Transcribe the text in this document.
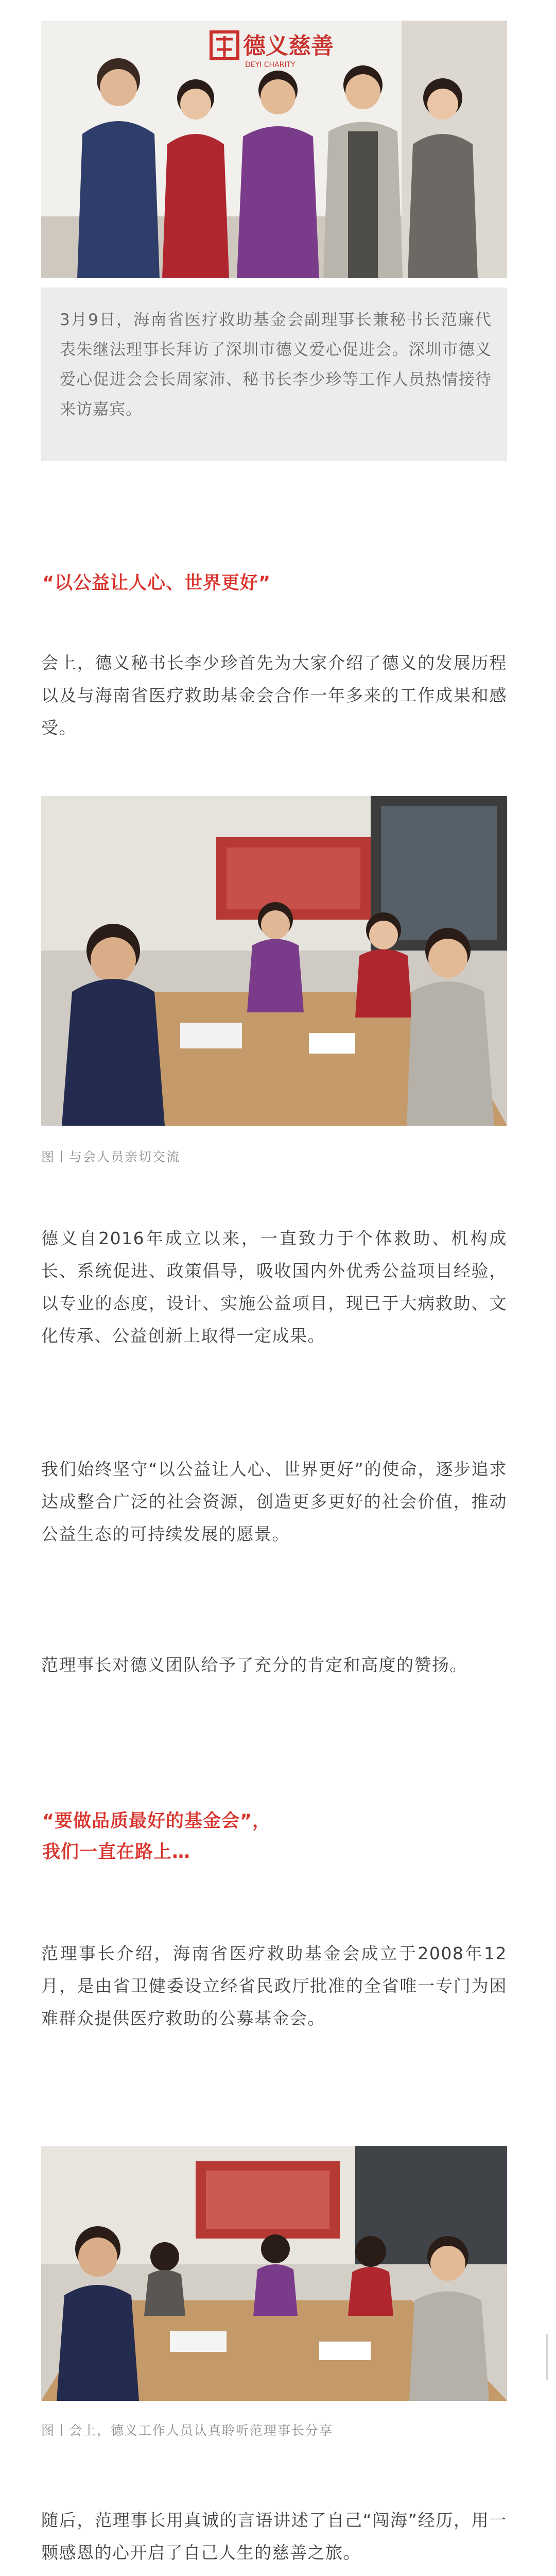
德义慈善
DEYI CHARITY
3月9日，海南省医疗救助基金会副理事长兼秘书长范廉代表朱继法理事长拜访了深圳市德义爱心促进会。深圳市德义爱心促进会会长周家沛、秘书长李少珍等工作人员热情接待来访嘉宾。
“以公益让人心、世界更好”
会上，德义秘书长李少珍首先为大家介绍了德义的发展历程以及与海南省医疗救助基金会合作一年多来的工作成果和感受。
图丨与会人员亲切交流
德义自2016年成立以来，一直致力于个体救助、机构成长、系统促进、政策倡导，吸收国内外优秀公益项目经验，以专业的态度，设计、实施公益项目，现已于大病救助、文化传承、公益创新上取得一定成果。
我们始终坚守“以公益让人心、世界更好”的使命，逐步追求达成整合广泛的社会资源，创造更多更好的社会价值，推动公益生态的可持续发展的愿景。
范理事长对德义团队给予了充分的肯定和高度的赞扬。
“要做品质最好的基金会”，
我们一直在路上…
范理事长介绍，海南省医疗救助基金会成立于2008年12月，是由省卫健委设立经省民政厅批准的全省唯一专门为困难群众提供医疗救助的公募基金会。
图丨会上，德义工作人员认真聆听范理事长分享
随后，范理事长用真诚的言语讲述了自己“闯海”经历，用一颗感恩的心开启了自己人生的慈善之旅。
